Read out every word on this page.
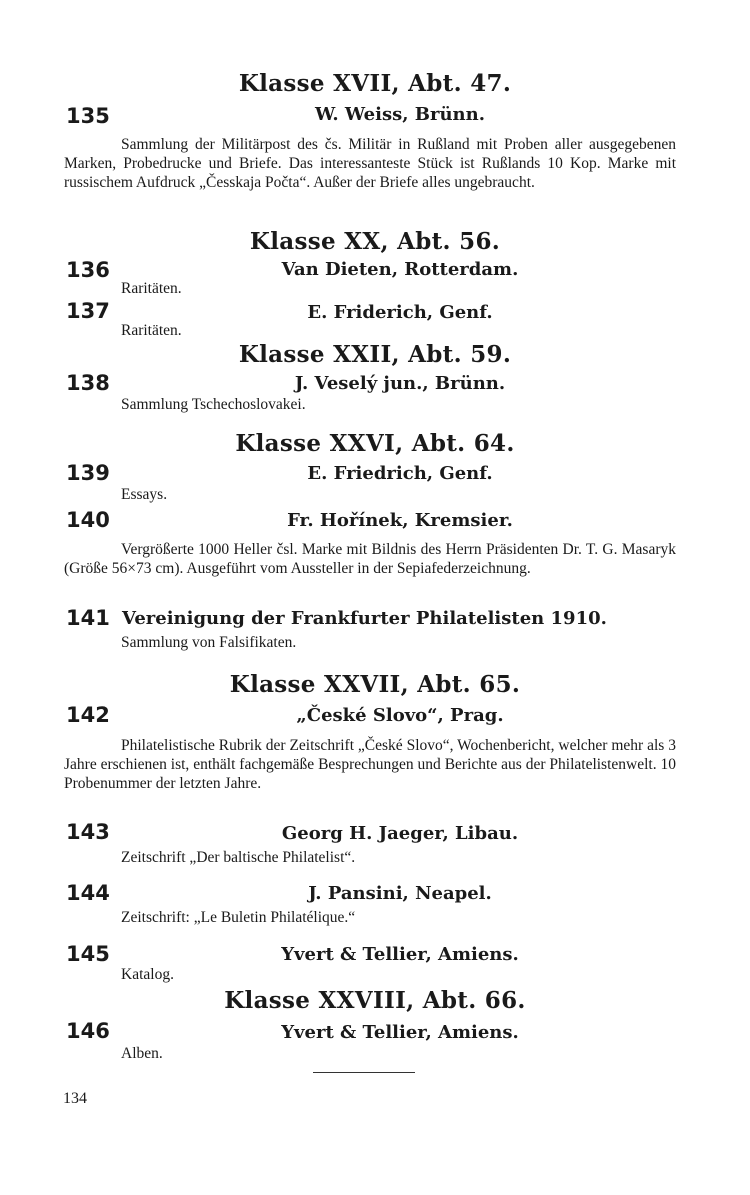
Klasse XVII, Abt. 47.
135	W. Weiss, Brünn.
Sammlung der Militärpost des čs. Militär in Rußland mit Proben aller ausgegebenen Marken, Probedrucke und Briefe. Das interessanteste Stück ist Rußlands 10 Kop. Marke mit russischem Aufdruck „Česskaja Počta“. Außer der Briefe alles ungebraucht.
Klasse XX, Abt. 56.
136	Van Dieten, Rotterdam.
Raritäten.
137	E. Friderich, Genf.
Raritäten.
Klasse XXII, Abt. 59.
138	J. Veselý jun., Brünn.
Sammlung Tschechoslovakei.
Klasse XXVI, Abt. 64.
139	E. Friedrich, Genf.
Essays.
140	Fr. Hořínek, Kremsier.
Vergrößerte 1000 Heller čsl. Marke mit Bildnis des Herrn Präsidenten Dr. T. G. Masaryk (Größe 56×73 cm). Ausgeführt vom Aussteller in der Sepiafederzeichnung.
141 Vereinigung der Frankfurter Philatelisten 1910.
Sammlung von Falsifikaten.
Klasse XXVII, Abt. 65.
142	„České Slovo“, Prag.
Philatelistische Rubrik der Zeitschrift „České Slovo“, Wochenbericht, welcher mehr als 3 Jahre erschienen ist, enthält fachgemäße Besprechungen und Berichte aus der Philatelistenwelt. 10 Probenummer der letzten Jahre.
143	Georg H. Jaeger, Libau.
Zeitschrift „Der baltische Philatelist“.
144	J. Pansini, Neapel.
Zeitschrift: „Le Buletin Philatélique.“
145	Yvert & Tellier, Amiens.
Katalog.
Klasse XXVIII, Abt. 66.
146	Yvert & Tellier, Amiens.
Alben.
134
